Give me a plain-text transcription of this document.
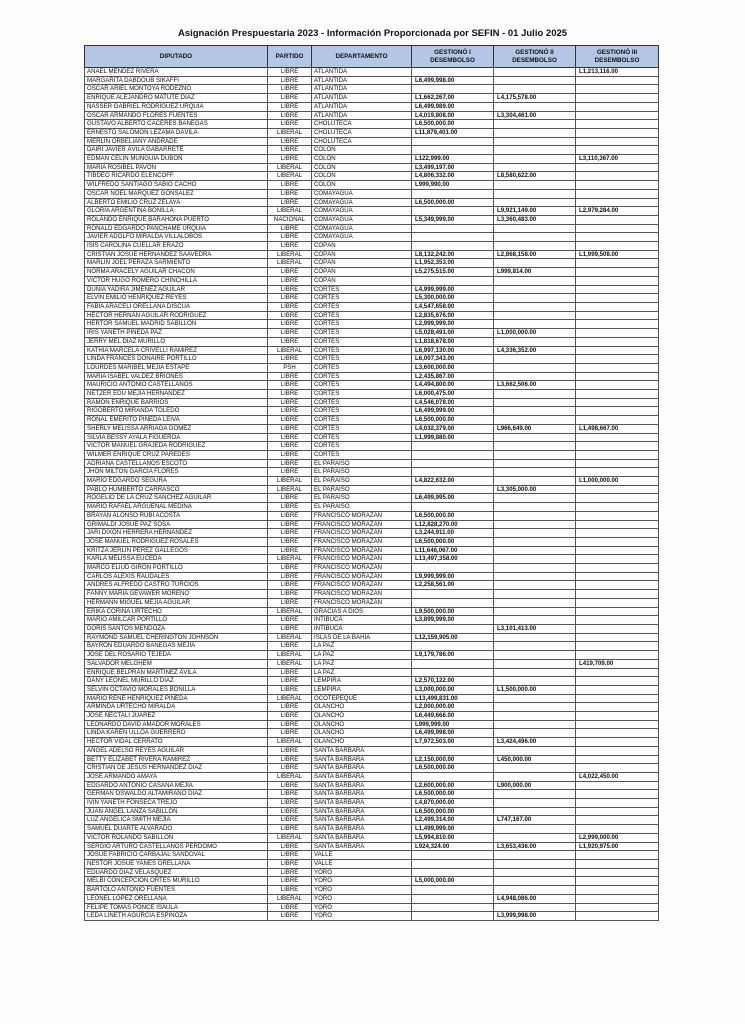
Asignación Prespuestaria 2023 - Información Proporcionada por SEFIN - 01 Julio 2025
DIPUTADO	PARTIDO	DEPARTAMENTO	GESTIONÓ I
DESEMBOLSO	GESTIONÓ II
DESEMBOLSO	GESTIONÓ III
DESEMBOLSO
ANAEL MÉNDEZ RIVERA	LIBRE	ATLÁNTIDA			L1,213,116.00
MARGARITA DABDOUB SIKAFFI	LIBRE	ATLÁNTIDA	L6,499,998.00		
OSCAR ARIEL MONTOYA RODEZNO	LIBRE	ATLÁNTIDA			
ENRIQUE ALEJANDRO MATUTE DÍAZ	LIBRE	ATLÁNTIDA	L1,662,267.00	L4,175,578.00	
NASSER GABRIEL RODRÍGUEZ URQUIA	LIBRE	ATLÁNTIDA	L6,499,989.00		
OSCAR ARMANDO FLORES FUENTES	LIBRE	ATLÁNTIDA	L4,019,808.00	L3,304,461.00	
GUSTAVO ALBERTO CACERES BANEGAS	LIBRE	CHOLUTECA	L6,500,000.00		
ERNESTO SALOMON LEZAMA DÁVILA	LIBERAL	CHOLUTECA	L11,879,401.00		
MERLIN ORBELIANY ANDRADE	LIBRE	CHOLUTECA			
DAIRI JAVIER ÁVILA GABARRETE	LIBRE	COLÓN			
EDMAN CELIN MUNGUIA DUBÓN	LIBRE	COLÓN	L122,999.00		L3,110,367.00
MARIA ROSIBEL PAVON	LIBERAL	COLÓN	L3,499,197.00		
TIBDEO RICARDO ELENCOFF	LIBERAL	COLÓN	L4,806,332.00	L8,580,622.00	
WILFREDO SANTIAGO SABIO CACHO	LIBRE	COLÓN	L999,990.00		
OSCAR NOEL MARQUEZ GONSALEZ	LIBRE	COMAYAGUA			
ALBERTO EMILIO CRUZ ZELAYA	LIBRE	COMAYAGUA	L6,500,000.00		
GLORIA ARGENTINA BONILLA	LIBERAL	COMAYAGUA		L9,921,149.00	L2,979,284.00
ROLANDO ENRIQUE BARAHONA PUERTO	NACIONAL	COMAYAGUA	L5,349,999.00	L3,360,483.00	
RONALD EDGARDO PANCHAME URQUIA	LIBRE	COMAYAGUA			
JAVIER ADOLFO MIRALDA VILLALOBOS	LIBRE	COMAYAGUA			
ISIS CAROLINA CUELLAR ERAZO	LIBRE	COPÁN			
CRISTIAN JOSUE HERNANDEZ SAAVEDRA	LIBERAL	COPÁN	L8,132,242.00	L2,868,158.00	L1,999,508.00
MARLIN JOEL PERAZA SARMIENTO	LIBERAL	COPÁN	L1,952,353.00		
NORMA ARACELY AGUILAR CHACÓN	LIBRE	COPÁN	L5,275,515.00	L999,814.00	
VICTOR HUGO ROMERO CHINCHILLA	LIBRE	COPÁN			
DUNIA YADIRA JIMÉNEZ AGUILAR	LIBRE	CORTÉS	L4,999,999.00		
ELVIN EMILIO HENRÍQUEZ REYES	LIBRE	CORTÉS	L5,300,000.00		
FABIA ARACELI ORELLANA DISCUA	LIBRE	CORTÉS	L4,547,658.00		
HÉCTOR HERNÁN AGUILAR RODRIGUEZ	LIBRE	CORTÉS	L2,835,676.00		
HERTOR SAMUEL MADRID SABILLÓN	LIBRE	CORTÉS	L2,999,999.00		
IRIS YANETH PINEDA PAZ	LIBRE	CORTÉS	L5,028,491.00	L1,000,000.00	
JERRY MEL DÍAZ MURILLO	LIBRE	CORTÉS	L1,818,678.00		
KATHIA MARCELA CRIVELLI RAMIREZ	LIBERAL	CORTÉS	L6,997,130.00	L4,336,352.00	
LINDA FRANCES DONAIRE PORTILLO	LIBRE	CORTÉS	L6,007,343.00		
LOURDES MARIBEL MEJIA ESTAPE	PSH	CORTÉS	L3,600,000.00		
MARIA ISABEL VALDEZ BRIONES	LIBRE	CORTÉS	L2,435,867.00		
MAURICIO ANTONIO CASTELLANOS	LIBRE	CORTÉS	L4,494,800.00	L3,662,506.00	
NETZER EDU MEJIA HERNANDEZ	LIBRE	CORTÉS	L6,000,475.00		
RAMON ENRIQUE BARRIOS	LIBRE	CORTÉS	L4,546,078.00		
RIGOBERTO MIRANDA TOLEDO	LIBRE	CORTÉS	L6,499,999.00		
RONAL EMERITO PINEDA LEIVA	LIBRE	CORTÉS	L6,500,000.00		
SHERLY MELISSA ARRIAGA GOMÉZ	LIBRE	CORTÉS	L4,032,379.00	L966,649.00	L1,498,667.00
SILVIA BESSY AYALA FIGUEROA	LIBRE	CORTÉS	L1,999,880.00		
VICTOR MANUEL GRAJEDA RODRÍGUEZ	LIBRE	CORTÉS			
WILMER ENRIQUE CRUZ PAREDES	LIBRE	CORTÉS			
ADRIANA CASTELLANOS ESCOTO	LIBRE	EL PARAÍSO			
JHON MILTON GARCÍA FLORES	LIBRE	EL PARAÍSO			
MARIO EDGARDO SEGURA	LIBERAL	EL PARAÍSO	L4,822,632.00		L1,000,000.00
PABLO HUMBERTO CARRASCO	LIBERAL	EL PARAÍSO		L3,305,000.00	
ROGELIO DE LA CRUZ SÁNCHEZ AGUILAR	LIBRE	EL PARAÍSO	L6,499,995.00		
MARIO RAFAEL ARGUEÑAL MEDINA	LIBRE	EL PARAÍSO			
BRAYAN ALONSO RUBÍ ACOSTA	LIBRE	FRANCISCO MORAZÁN	L6,500,000.00		
GRIMALDI JOSUÉ PAZ SOSA	LIBRE	FRANCISCO MORAZÁN	L12,828,270.00		
JARI DIXON HERRERA HERNÁNDEZ	LIBRE	FRANCISCO MORAZÁN	L3,244,911.00		
JOSÉ MANUEL RODRÍGUEZ ROSALES	LIBRE	FRANCISCO MORAZÁN	L6,500,000.00		
KRITZA JERLIN PÉREZ GALLEGOS	LIBRE	FRANCISCO MORAZÁN	L11,646,067.00		
KARLA MELISSA EUCEDA	LIBERAL	FRANCISCO MORAZÁN	L13,497,358.00		
MARCO ELIUD GIRON PORTILLO	LIBRE	FRANCISCO MORAZÁN			
CARLOS ALEXIS RAUDALES	LIBRE	FRANCISCO MORAZÁN	L9,999,999.00		
ANDRÉS ALFREDO CASTRO TURCIOS	LIBRE	FRANCISCO MORAZÁN	L2,258,561.00		
FANNY MARÍA GEVAWER MORENO	LIBRE	FRANCISCO MORAZÁN			
HERMANN MIGUEL MEJIA AGUILAR	LIBRE	FRANCISCO MORAZÁN			
ERIKA CORINA URTECHO	LIBERAL	GRACIAS A DIOS	L9,500,000.00		
MARIO AMILCAR PORTILLO	LIBRE	INTIBUCÁ	L3,899,999.00		
DORIS SANTOS MENDOZA	LIBRE	INTIBUCÁ		L3,101,413.00	
RAYMOND SAMUEL CHERINGTON JOHNSON	LIBERAL	ISLAS DE LA BAHÍA	L12,159,905.00		
BAYRON EDUARDO BANEGAS MÉJIA	LIBRE	LA PAZ			
JOSE DEL ROSARIO TEJEDA	LIBERAL	LA PAZ	L9,179,786.00		
SALVADOR MELGHEM	LIBERAL	LA PAZ			L419,709.00
ENRIQUE BELPRÁN MARTÍNEZ ÁVILA	LIBRE	LA PAZ			
DANY LEONEL MURILLO DÍAZ	LIBRE	LEMPIRA	L2,570,122.00		
SELVIN OCTAVIO MORALES BONILLA	LIBRE	LEMPIRA	L3,000,000.00	L1,500,000.00	
MARIO RENE HENRÍQUEZ PINEDA	LIBERAL	OCOTEPEQUE	L13,499,831.00		
ARMINDA URTECHO MIRALDA	LIBRE	OLANCHO	L2,000,000.00		
JOSÉ NECTALI JUÁREZ	LIBRE	OLANCHO	L6,449,666.00		
LEONARDO DAVID AMADOR MORALES	LIBRE	OLANCHO	L999,999.00		
LINDA KAREN ULLOA GUERRERO	LIBRE	OLANCHO	L6,499,998.00		
HECTOR VIDAL CERRATO	LIBERAL	OLANCHO	L7,972,503.00	L3,424,496.00	
ANGEL ADELSO REYES AGUILAR	LIBRE	SANTA BÁRBARA			
BETTY ELIZABET RIVERA RAMIREZ	LIBRE	SANTA BÁRBARA	L2,150,000.00	L450,000.00	
CRISTIAN DE JESÚS HERNÁNDEZ DÍAZ	LIBRE	SANTA BÁRBARA	L6,500,000.00		
JOSE ARMANDO AMAYA	LIBERAL	SANTA BÁRBARA			L4,022,450.00
EDGARDO ANTONIO CASAÑA MEJÍA	LIBRE	SANTA BÁRBARA	L2,600,000.00	L900,000.00	
GERMAN OSWALDO ALTAMIRANO DIAZ	LIBRE	SANTA BÁRBARA	L6,500,000.00		
IVIN YANETH FONSECA TREJO	LIBRE	SANTA BÁRBARA	L4,870,000.00		
JUAN ÁNGEL LANZA SABILLÓN	LIBRE	SANTA BÁRBARA	L6,500,000.00		
LUZ ANGELICA SMITH MEJÍA	LIBRE	SANTA BÁRBARA	L2,499,314.00	L747,167.00	
SAMUEL DUARTE ALVARADO	LIBRE	SANTA BÁRBARA	L1,499,999.00		
VICTOR ROLANDO SABILLON	LIBERAL	SANTA BÁRBARA	L5,994,810.00		L2,999,000.00
SERGIO ARTURO CASTELLANOS PERDOMO	LIBRE	SANTA BÁRBARA	L924,324.00	L3,653,436.00	L1,920,975.00
JOSUÉ FABRICIO CARBAJAL SANDOVAL	LIBRE	VALLE			
NESTOR JOSUE YANES ORELLANA	LIBRE	VALLE			
EDUARDO DÍAZ VELASQUEZ	LIBRE	YORO			
MELBI CONCEPCIÓN ORTÉS MURILLO	LIBRE	YORO	L5,000,000.00		
BARTOLO ANTONIO FUENTES	LIBRE	YORO			
LEONEL LOPEZ ORELLANA	LIBERAL	YORO		L4,948,086.00	
FELIPE TOMÁS PONCE ISAULA	LIBRE	YORO			
LEDA LINETH AGURCIA ESPINOZA	LIBRE	YORO		L3,999,998.00	
